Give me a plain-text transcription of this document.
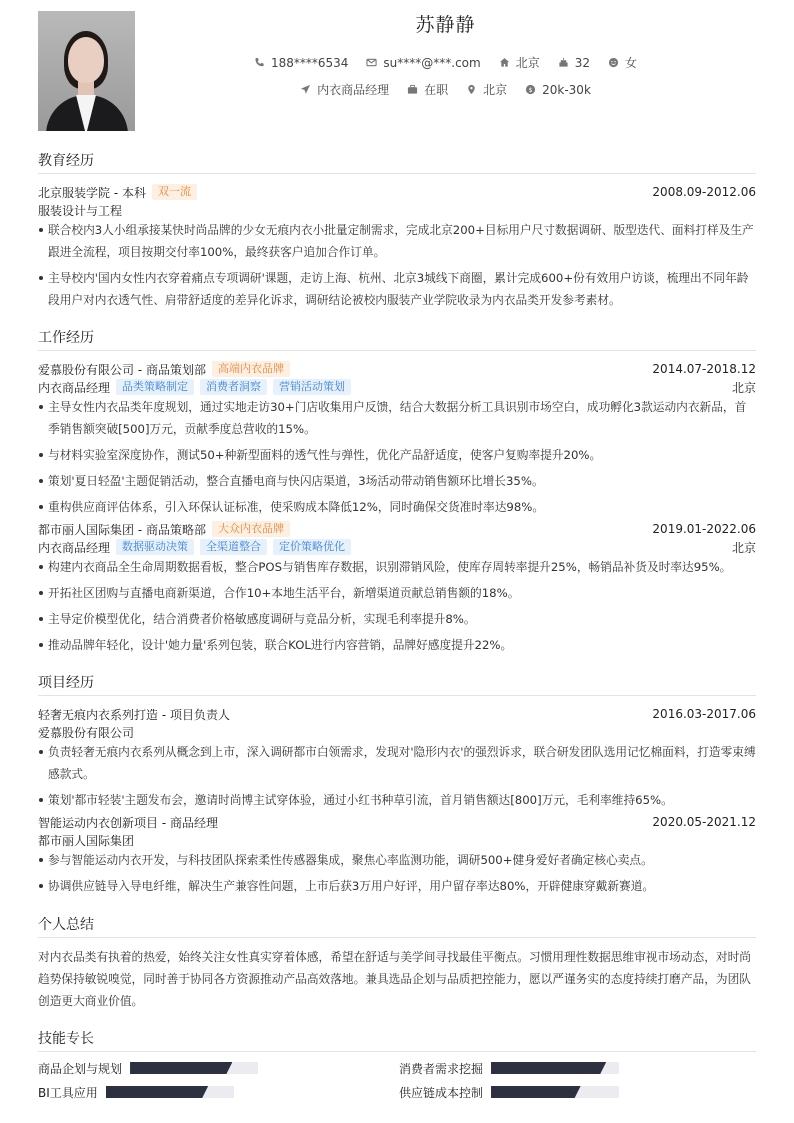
苏静静
188****6534	su****@***.com	北京	32	女
内衣商品经理	在职	北京	$ 20k-30k
教育经历
北京服装学院 - 本科	双一流	2008.09-2012.06
服装设计与工程
联合校内3人小组承接某快时尚品牌的少女无痕内衣小批量定制需求，完成北京200+目标用户尺寸数据调研、版型迭代、面料打样及生产跟进全流程，项目按期交付率100%，最终获客户追加合作订单。
主导校内'国内女性内衣穿着痛点专项调研'课题，走访上海、杭州、北京3城线下商圈，累计完成600+份有效用户访谈，梳理出不同年龄段用户对内衣透气性、肩带舒适度的差异化诉求，调研结论被校内服装产业学院收录为内衣品类开发参考素材。
工作经历
爱慕股份有限公司 - 商品策划部	高端内衣品牌	2014.07-2018.12
内衣商品经理	品类策略制定	消费者洞察	营销活动策划	北京
主导女性内衣品类年度规划，通过实地走访30+门店收集用户反馈，结合大数据分析工具识别市场空白，成功孵化3款运动内衣新品，首季销售额突破[500]万元，贡献季度总营收的15%。
与材料实验室深度协作，测试50+种新型面料的透气性与弹性，优化产品舒适度，使客户复购率提升20%。
策划'夏日轻盈'主题促销活动，整合直播电商与快闪店渠道，3场活动带动销售额环比增长35%。
重构供应商评估体系，引入环保认证标准，使采购成本降低12%，同时确保交货准时率达98%。
都市丽人国际集团 - 商品策略部	大众内衣品牌	2019.01-2022.06
内衣商品经理	数据驱动决策	全渠道整合	定价策略优化	北京
构建内衣商品全生命周期数据看板，整合POS与销售库存数据，识别滞销风险，使库存周转率提升25%，畅销品补货及时率达95%。
开拓社区团购与直播电商新渠道，合作10+本地生活平台，新增渠道贡献总销售额的18%。
主导定价模型优化，结合消费者价格敏感度调研与竞品分析，实现毛利率提升8%。
推动品牌年轻化，设计'她力量'系列包装，联合KOL进行内容营销，品牌好感度提升22%。
项目经历
轻奢无痕内衣系列打造 - 项目负责人	2016.03-2017.06
爱慕股份有限公司
负责轻奢无痕内衣系列从概念到上市，深入调研都市白领需求，发现对'隐形内衣'的强烈诉求，联合研发团队选用记忆棉面料，打造零束缚感款式。
策划'都市轻装'主题发布会，邀请时尚博主试穿体验，通过小红书种草引流，首月销售额达[800]万元，毛利率维持65%。
智能运动内衣创新项目 - 商品经理	2020.05-2021.12
都市丽人国际集团
参与智能运动内衣开发，与科技团队探索柔性传感器集成，聚焦心率监测功能，调研500+健身爱好者确定核心卖点。
协调供应链导入导电纤维，解决生产兼容性问题，上市后获3万用户好评，用户留存率达80%，开辟健康穿戴新赛道。
个人总结
对内衣品类有执着的热爱，始终关注女性真实穿着体感，希望在舒适与美学间寻找最佳平衡点。习惯用理性数据思维审视市场动态，对时尚趋势保持敏锐嗅觉，同时善于协同各方资源推动产品高效落地。兼具选品企划与品质把控能力，愿以严谨务实的态度持续打磨产品，为团队创造更大商业价值。
技能专长
商品企划与规划	消费者需求挖掘
BI工具应用	供应链成本控制
